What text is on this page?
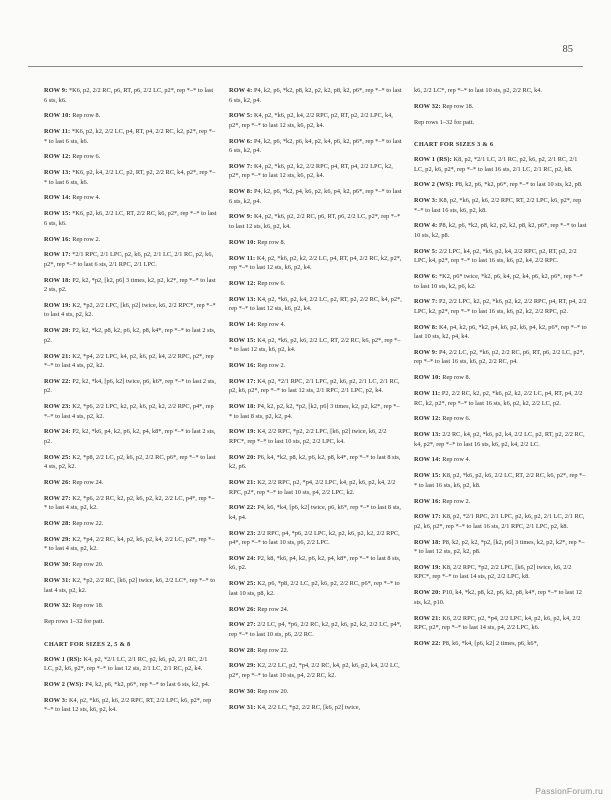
85

ROW 9: *K6, p2, 2/2 RC, p6, RT, p6, 2/2 LC, p2*, rep *–* to last 6 sts, k6.

ROW 10: Rep row 8.

ROW 11: *K6, p2, k2, 2/2 LC, p4, RT, p4, 2/2 RC, k2, p2*, rep *–* to last 6 sts, k6.

ROW 12: Rep row 6.

ROW 13: *K6, p2, k4, 2/2 LC, p2, RT, p2, 2/2 RC, k4, p2*, rep *–* to last 6 sts, k6.

ROW 14: Rep row 4.

ROW 15: *K6, p2, k6, 2/2 LC, RT, 2/2 RC, k6, p2*, rep *–* to last 6 sts, k6.

ROW 16: Rep row 2.

ROW 17: *2/1 RPC, 2/1 LPC, p2, k6, p2, 2/1 LC, 2/1 RC, p2, k6, p2*, rep *–* to last 6 sts, 2/1 RPC, 2/1 LPC.

ROW 18: P2, k2, *p2, [k2, p6] 3 times, k2, p2, k2*, rep *–* to last 2 sts, p2.

ROW 19: K2, *p2, 2/2 LPC, [k6, p2] twice, k6, 2/2 RPC*, rep *–* to last 4 sts, p2, k2.

ROW 20: P2, k2, *k2, p8, k2, p6, k2, p8, k4*, rep *–* to last 2 sts, p2.

ROW 21: K2, *p4, 2/2 LPC, k4, p2, k6, p2, k4, 2/2 RPC, p2*, rep *–* to last 4 sts, p2, k2.

ROW 22: P2, k2, *k4, [p6, k2] twice, p6, k6*, rep *–* to last 2 sts, p2.

ROW 23: K2, *p6, 2/2 LPC, k2, p2, k6, p2, k2, 2/2 RPC, p4*, rep *–* to last 4 sts, p2, k2.

ROW 24: P2, k2, *k6, p4, k2, p6, k2, p4, k8*, rep *–* to last 2 sts, p2.

ROW 25: K2, *p8, 2/2 LC, p2, k6, p2, 2/2 RC, p6*, rep *–* to last 4 sts, p2, k2.

ROW 26: Rep row 24.

ROW 27: K2, *p6, 2/2 RC, k2, p2, k6, p2, k2, 2/2 LC, p4*, rep *–* to last 4 sts, p2, k2.

ROW 28: Rep row 22.

ROW 29: K2, *p4, 2/2 RC, k4, p2, k6, p2, k4, 2/2 LC, p2*, rep *–* to last 4 sts, p2, k2.

ROW 30: Rep row 20.

ROW 31: K2, *p2, 2/2 RC, [k6, p2] twice, k6, 2/2 LC*, rep *–* to last 4 sts, p2, k2.

ROW 32: Rep row 18.

Rep rows 1–32 for patt.

CHART FOR SIZES 2, 5 & 8

ROW 1 (RS): K4, p2, *2/1 LC, 2/1 RC, p2, k6, p2, 2/1 RC, 2/1 LC, p2, k6, p2*, rep *–* to last 12 sts, 2/1 LC, 2/1 RC, p2, k4.

ROW 2 (WS): P4, k2, p6, *k2, p6*, rep *–* to last 6 sts, k2, p4.

ROW 3: K4, p2, *k6, p2, k6, 2/2 RPC, RT, 2/2 LPC, k6, p2*, rep *–* to last 12 sts, k6, p2, k4.

ROW 4: P4, k2, p6, *k2, p8, k2, p2, k2, p8, k2, p6*, rep *–* to last 6 sts, k2, p4.

ROW 5: K4, p2, *k6, p2, k4, 2/2 RPC, p2, RT, p2, 2/2 LPC, k4, p2*, rep *–* to last 12 sts, k6, p2, k4.

ROW 6: P4, k2, p6, *k2, p6, k4, p2, k4, p6, k2, p6*, rep *–* to last 6 sts, k2, p4.

ROW 7: K4, p2, *k6, p2, k2, 2/2 RPC, p4, RT, p4, 2/2 LPC, k2, p2*, rep *–* to last 12 sts, k6, p2, k4.

ROW 8: P4, k2, p6, *k2, p4, k6, p2, k6, p4, k2, p6*, rep *–* to last 6 sts, k2, p4.

ROW 9: K4, p2, *k6, p2, 2/2 RC, p6, RT, p6, 2/2 LC, p2*, rep *–* to last 12 sts, k6, p2, k4.

ROW 10: Rep row 8.

ROW 11: K4, p2, *k6, p2, k2, 2/2 LC, p4, RT, p4, 2/2 RC, k2, p2*, rep *–* to last 12 sts, k6, p2, k4.

ROW 12: Rep row 6.

ROW 13: K4, p2, *k6, p2, k4, 2/2 LC, p2, RT, p2, 2/2 RC, k4, p2*, rep *–* to last 12 sts, k6, p2, k4.

ROW 14: Rep row 4.

ROW 15: K4, p2, *k6, p2, k6, 2/2 LC, RT, 2/2 RC, k6, p2*, rep *–* to last 12 sts, k6, p2, k4.

ROW 16: Rep row 2.

ROW 17: K4, p2, *2/1 RPC, 2/1 LPC, p2, k6, p2, 2/1 LC, 2/1 RC, p2, k6, p2*, rep *–* to last 12 sts, 2/1 RPC, 2/1 LPC, p2, k4.

ROW 18: P4, k2, p2, k2, *p2, [k2, p6] 3 times, k2, p2, k2*, rep *–* to last 8 sts, p2, k2, p4.

ROW 19: K4, 2/2 RPC, *p2, 2/2 LPC, [k6, p2] twice, k6, 2/2 RPC*, rep *–* to last 10 sts, p2, 2/2 LPC, k4.

ROW 20: P6, k4, *k2, p8, k2, p6, k2, p8, k4*, rep *–* to last 8 sts, k2, p6.

ROW 21: K2, 2/2 RPC, p2, *p4, 2/2 LPC, k4, p2, k6, p2, k4, 2/2 RPC, p2*, rep *–* to last 10 sts, p4, 2/2 LPC, k2.

ROW 22: P4, k6, *k4, [p6, k2] twice, p6, k6*, rep *–* to last 8 sts, k4, p4.

ROW 23: 2/2 RPC, p4, *p6, 2/2 LPC, k2, p2, k6, p2, k2, 2/2 RPC, p4*, rep *–* to last 10 sts, p6, 2/2 LPC.

ROW 24: P2, k8, *k6, p4, k2, p6, k2, p4, k8*, rep *–* to last 8 sts, k6, p2.

ROW 25: K2, p6, *p8, 2/2 LC, p2, k6, p2, 2/2 RC, p6*, rep *–* to last 10 sts, p8, k2.

ROW 26: Rep row 24.

ROW 27: 2/2 LC, p4, *p6, 2/2 RC, k2, p2, k6, p2, k2, 2/2 LC, p4*, rep *–* to last 10 sts, p6, 2/2 RC.

ROW 28: Rep row 22.

ROW 29: K2, 2/2 LC, p2, *p4, 2/2 RC, k4, p2, k6, p2, k4, 2/2 LC, p2*, rep *–* to last 10 sts, p4, 2/2 RC, k2.

ROW 30: Rep row 20.

ROW 31: K4, 2/2 LC, *p2, 2/2 RC, [k6, p2] twice,

k6, 2/2 LC*, rep *–* to last 10 sts, p2, 2/2 RC, k4.

ROW 32: Rep row 18.

Rep rows 1–32 for patt.

CHART FOR SIZES 3 & 6

ROW 1 (RS): K8, p2, *2/1 LC, 2/1 RC, p2, k6, p2, 2/1 RC, 2/1 LC, p2, k6, p2*, rep *–* to last 16 sts, 2/1 LC, 2/1 RC, p2, k8.

ROW 2 (WS): P8, k2, p6, *k2, p6*, rep *–* to last 10 sts, k2, p8.

ROW 3: K8, p2, *k6, p2, k6, 2/2 RPC, RT, 2/2 LPC, k6, p2*, rep *–* to last 16 sts, k6, p2, k8.

ROW 4: P8, k2, p6, *k2, p8, k2, p2, k2, p8, k2, p6*, rep *–* to last 10 sts, k2, p8.

ROW 5: 2/2 LPC, k4, p2, *k6, p2, k4, 2/2 RPC, p2, RT, p2, 2/2 LPC, k4, p2*, rep *–* to last 16 sts, k6, p2, k4, 2/2 RPC.

ROW 6: *K2, p6* twice, *k2, p6, k4, p2, k4, p6, k2, p6*, rep *–* to last 10 sts, k2, p6, k2.

ROW 7: P2, 2/2 LPC, k2, p2, *k6, p2, k2, 2/2 RPC, p4, RT, p4, 2/2 LPC, k2, p2*, rep *–* to last 16 sts, k6, p2, k2, 2/2 RPC, p2.

ROW 8: K4, p4, k2, p6, *k2, p4, k6, p2, k6, p4, k2, p6*, rep *–* to last 10 sts, k2, p4, k4.

ROW 9: P4, 2/2 LC, p2, *k6, p2, 2/2 RC, p6, RT, p6, 2/2 LC, p2*, rep *–* to last 16 sts, k6, p2, 2/2 RC, p4.

ROW 10: Rep row 8.

ROW 11: P2, 2/2 RC, k2, p2, *k6, p2, k2, 2/2 LC, p4, RT, p4, 2/2 RC, k2, p2*, rep *–* to last 16 sts, k6, p2, k2, 2/2 LC, p2.

ROW 12: Rep row 6.

ROW 13: 2/2 RC, k4, p2, *k6, p2, k4, 2/2 LC, p2, RT, p2, 2/2 RC, k4, p2*, rep *–* to last 16 sts, k6, p2, k4, 2/2 LC.

ROW 14: Rep row 4.

ROW 15: K8, p2, *k6, p2, k6, 2/2 LC, RT, 2/2 RC, k6, p2*, rep *–* to last 16 sts, k6, p2, k8.

ROW 16: Rep row 2.

ROW 17: K8, p2, *2/1 RPC, 2/1 LPC, p2, k6, p2, 2/1 LC, 2/1 RC, p2, k6, p2*, rep *–* to last 16 sts, 2/1 RPC, 2/1 LPC, p2, k8.

ROW 18: P8, k2, p2, k2, *p2, [k2, p6] 3 times, k2, p2, k2*, rep *–* to last 12 sts, p2, k2, p8.

ROW 19: K8, 2/2 RPC, *p2, 2/2 LPC, [k6, p2] twice, k6, 2/2 RPC*, rep *–* to last 14 sts, p2, 2/2 LPC, k8.

ROW 20: P10, k4, *k2, p8, k2, p6, k2, p8, k4*, rep *–* to last 12 sts, k2, p10.

ROW 21: K6, 2/2 RPC, p2, *p4, 2/2 LPC, k4, p2, k6, p2, k4, 2/2 RPC, p2*, rep *–* to last 14 sts, p4, 2/2 LPC, k6.

ROW 22: P8, k6, *k4, [p6, k2] 2 times, p6, k6*,

PassionForum.ru
